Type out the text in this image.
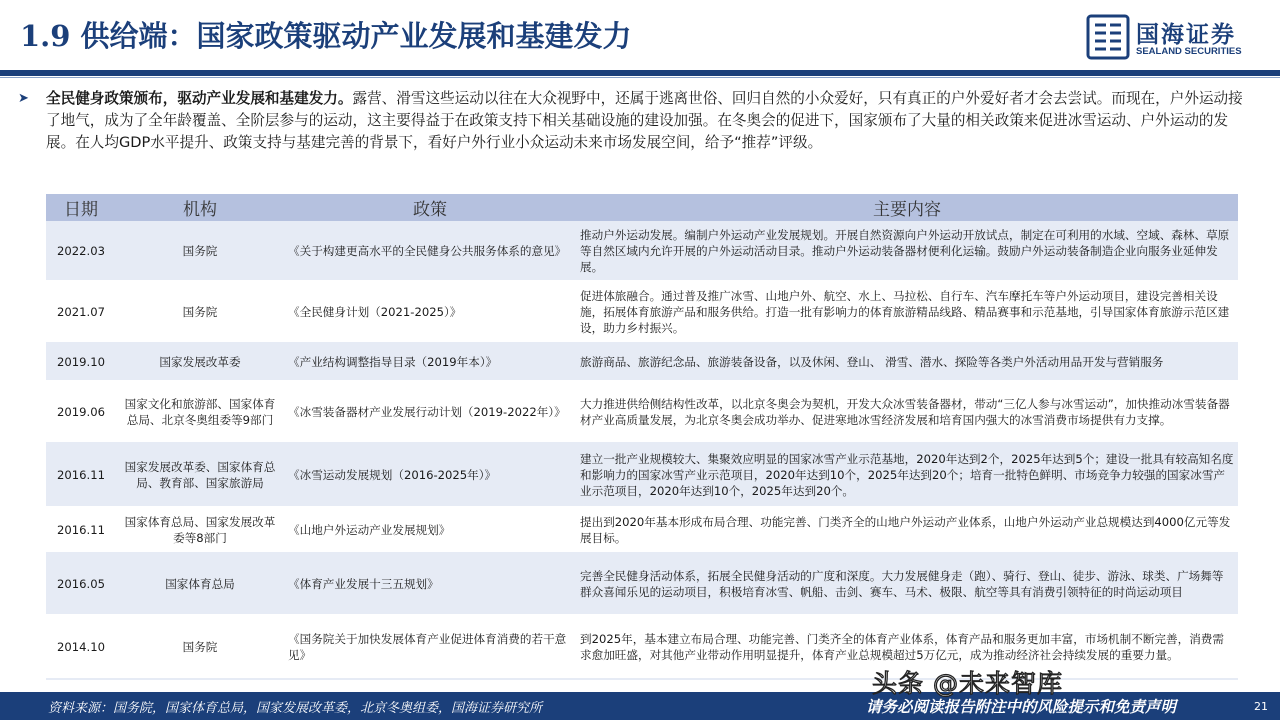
1.9 供给端：国家政策驱动产业发展和基建发力	国海证券
SEALAND SECURITIES
➤	全民健身政策颁布，驱动产业发展和基建发力。露营、滑雪这些运动以往在大众视野中，还属于逃离世俗、回归自然的小众爱好，只有真正的户外爱好者才会去尝试。而现在，户外运动接了地气，成为了全年龄覆盖、全阶层参与的运动，这主要得益于在政策支持下相关基础设施的建设加强。在冬奥会的促进下，国家颁布了大量的相关政策来促进冰雪运动、户外运动的发展。在人均GDP水平提升、政策支持与基建完善的背景下，看好户外行业小众运动未来市场发展空间，给予“推荐”评级。
日期	机构	政策	主要内容
2022.03	国务院	《关于构建更高水平的全民健身公共服务体系的意见》	推动户外运动发展。编制户外运动产业发展规划。开展自然资源向户外运动开放试点，制定在可利用的水域、空域、森林、草原等自然区域内允许开展的户外运动活动目录。推动户外运动装备器材便利化运输。鼓励户外运动装备制造企业向服务业延伸发展。
2021.07	国务院	《全民健身计划（2021-2025）》	促进体旅融合。通过普及推广冰雪、山地户外、航空、水上、马拉松、自行车、汽车摩托车等户外运动项目，建设完善相关设施，拓展体育旅游产品和服务供给。打造一批有影响力的体育旅游精品线路、精品赛事和示范基地，引导国家体育旅游示范区建设，助力乡村振兴。
2019.10	国家发展改革委	《产业结构调整指导目录（2019年本）》	旅游商品、旅游纪念品、旅游装备设备，以及休闲、登山、 滑雪、潜水、探险等各类户外活动用品开发与营销服务
2019.06	国家文化和旅游部、国家体育总局、北京冬奥组委等9部门	《冰雪装备器材产业发展行动计划（2019-2022年）》	大力推进供给侧结构性改革，以北京冬奥会为契机，开发大众冰雪装备器材，带动“三亿人参与冰雪运动”，加快推动冰雪装备器材产业高质量发展，为北京冬奥会成功举办、促进寒地冰雪经济发展和培育国内强大的冰雪消费市场提供有力支撑。
2016.11	国家发展改革委、国家体育总局、教育部、国家旅游局	《冰雪运动发展规划（2016-2025年）》	建立一批产业规模较大、集聚效应明显的国家冰雪产业示范基地，2020年达到2个，2025年达到5个；建设一批具有较高知名度和影响力的国家冰雪产业示范项目，2020年达到10个，2025年达到20个；培育一批特色鲜明、市场竞争力较强的国家冰雪产业示范项目，2020年达到10个，2025年达到20个。
2016.11	国家体育总局、国家发展改革委等8部门	《山地户外运动产业发展规划》	提出到2020年基本形成布局合理、功能完善、门类齐全的山地户外运动产业体系，山地户外运动产业总规模达到4000亿元等发展目标。
2016.05	国家体育总局	《体育产业发展十三五规划》	完善全民健身活动体系，拓展全民健身活动的广度和深度。大力发展健身走（跑）、骑行、登山、徒步、游泳、球类、广场舞等群众喜闻乐见的运动项目，积极培育冰雪、帆船、击剑、赛车、马术、极限、航空等具有消费引领特征的时尚运动项目
2014.10	国务院	《国务院关于加快发展体育产业促进体育消费的若干意见》	到2025年，基本建立布局合理、功能完善、门类齐全的体育产业体系，体育产品和服务更加丰富，市场机制不断完善，消费需求愈加旺盛，对其他产业带动作用明显提升，体育产业总规模超过5万亿元，成为推动经济社会持续发展的重要力量。
资料来源：国务院，国家体育总局，国家发展改革委，北京冬奥组委，国海证券研究所
头条 @未来智库
请务必阅读报告附注中的风险提示和免责声明	21
